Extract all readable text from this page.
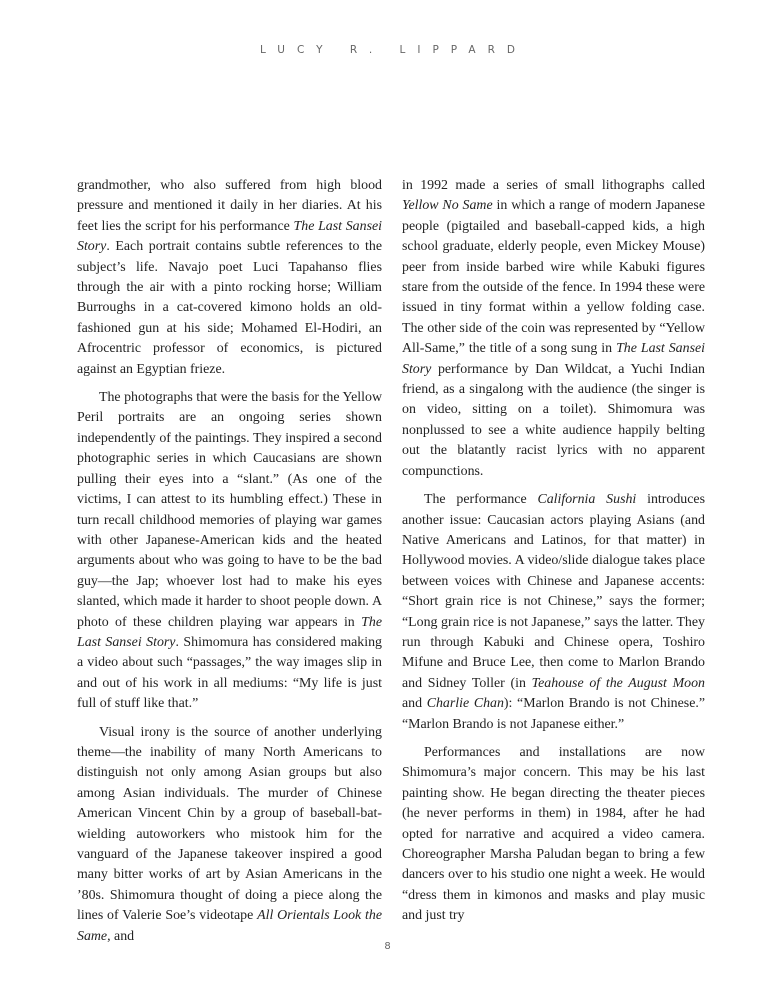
LUCY R. LIPPARD

grandmother, who also suffered from high blood pressure and mentioned it daily in her diaries. At his feet lies the script for his performance The Last Sansei Story. Each portrait contains subtle references to the subject’s life. Navajo poet Luci Tapahanso flies through the air with a pinto rocking horse; William Burroughs in a cat-covered kimono holds an old-fashioned gun at his side; Mohamed El-Hodiri, an Afrocentric professor of economics, is pictured against an Egyptian frieze.

The photographs that were the basis for the Yellow Peril portraits are an ongoing series shown independently of the paintings. They inspired a second photographic series in which Caucasians are shown pulling their eyes into a “slant.” (As one of the victims, I can attest to its humbling effect.) These in turn recall childhood memories of playing war games with other Japanese-American kids and the heated arguments about who was going to have to be the bad guy—the Jap; whoever lost had to make his eyes slanted, which made it harder to shoot people down. A photo of these children playing war appears in The Last Sansei Story. Shimomura has considered making a video about such “passages,” the way images slip in and out of his work in all mediums: “My life is just full of stuff like that.”

Visual irony is the source of another underlying theme—the inability of many North Americans to distinguish not only among Asian groups but also among Asian individuals. The murder of Chinese American Vincent Chin by a group of baseball-bat-wielding autoworkers who mistook him for the vanguard of the Japanese takeover inspired a good many bitter works of art by Asian Americans in the ’80s. Shimomura thought of doing a piece along the lines of Valerie Soe’s videotape All Orientals Look the Same, and

in 1992 made a series of small lithographs called Yellow No Same in which a range of modern Japanese people (pigtailed and baseball-capped kids, a high school graduate, elderly people, even Mickey Mouse) peer from inside barbed wire while Kabuki figures stare from the outside of the fence. In 1994 these were issued in tiny format within a yellow folding case. The other side of the coin was represented by “Yellow All-Same,” the title of a song sung in The Last Sansei Story performance by Dan Wildcat, a Yuchi Indian friend, as a singalong with the audience (the singer is on video, sitting on a toilet). Shimomura was nonplussed to see a white audience happily belting out the blatantly racist lyrics with no apparent compunctions.

The performance California Sushi introduces another issue: Caucasian actors playing Asians (and Native Americans and Latinos, for that matter) in Hollywood movies. A video/slide dialogue takes place between voices with Chinese and Japanese accents: “Short grain rice is not Chinese,” says the former; “Long grain rice is not Japanese,” says the latter. They run through Kabuki and Chinese opera, Toshiro Mifune and Bruce Lee, then come to Marlon Brando and Sidney Toller (in Teahouse of the August Moon and Charlie Chan): “Marlon Brando is not Chinese.” “Marlon Brando is not Japanese either.”

Performances and installations are now Shimomura’s major concern. This may be his last painting show. He began directing the theater pieces (he never performs in them) in 1984, after he had opted for narrative and acquired a video camera. Choreographer Marsha Paludan began to bring a few dancers over to his studio one night a week. He would “dress them in kimonos and masks and play music and just try

8
